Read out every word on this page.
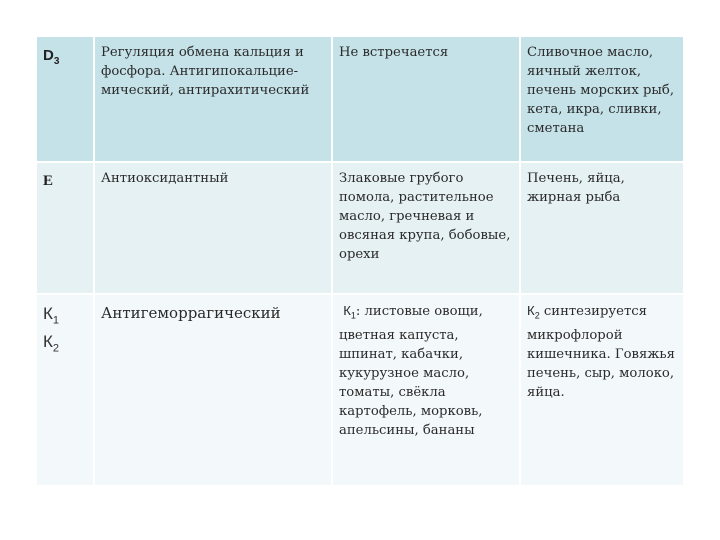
$D_3$	Регуляция обмена кальция и фосфора. Антигипокальцие-мический, антирахитический	Не встречается	Сливочное масло, яичный желток, печень морских рыб, кета, икра, сливки, сметана

Е	Антиоксидантный	Злаковые грубого помола, растительное масло, гречневая и овсяная крупа, бобовые, орехи	Печень, яйца, жирная рыба

$К_1$
$К_2$	Антигеморрагический	$К_1$: листовые овощи, цветная капуста, шпинат, кабачки, кукурузное масло, томаты, свёкла картофель, морковь, апельсины, бананы	$К_2$ синтезируется микрофлорой кишечника. Говяжья печень, сыр, молоко, яйца.
